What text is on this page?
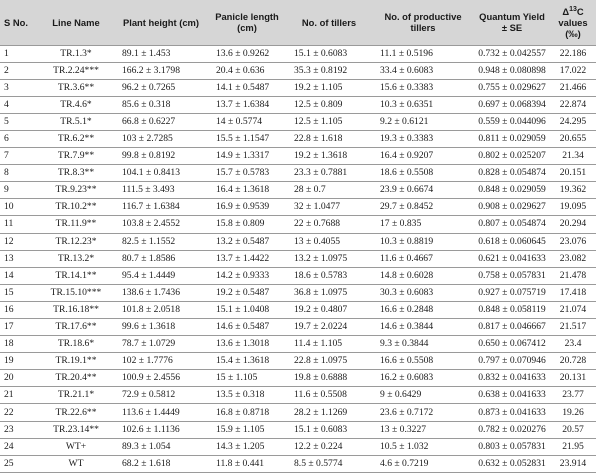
S No.	Line Name	Plant height (cm)	Panicle length (cm)	No. of tillers	No. of productive tillers	Quantum Yield ± SE	$\Delta^{13}C$ values (‰)
1	TR.1.3*	89.1 ± 1.453	13.6 ± 0.9262	15.1 ± 0.6083	11.1 ± 0.5196	0.732 ± 0.042557	22.186
2	TR.2.24***	166.2 ± 3.1798	20.4 ± 0.636	35.3 ± 0.8192	33.4 ± 0.6083	0.948 ± 0.080898	17.022
3	TR.3.6**	96.2 ± 0.7265	14.1 ± 0.5487	19.2 ± 1.105	15.6 ± 0.3383	0.755 ± 0.029627	21.466
4	TR.4.6*	85.6 ± 0.318	13.7 ± 1.6384	12.5 ± 0.809	10.3 ± 0.6351	0.697 ± 0.068394	22.874
5	TR.5.1*	66.8 ± 0.6227	14 ± 0.5774	12.5 ± 1.105	9.2 ± 0.6121	0.559 ± 0.044096	24.295
6	TR.6.2**	103 ± 2.7285	15.5 ± 1.1547	22.8 ± 1.618	19.3 ± 0.3383	0.811 ± 0.029059	20.655
7	TR.7.9**	99.8 ± 0.8192	14.9 ± 1.3317	19.2 ± 1.3618	16.4 ± 0.9207	0.802 ± 0.025207	21.34
8	TR.8.3**	104.1 ± 0.8413	15.7 ± 0.5783	23.3 ± 0.7881	18.6 ± 0.5508	0.828 ± 0.054874	20.151
9	TR.9.23**	111.5 ± 3.493	16.4 ± 1.3618	28 ± 0.7	23.9 ± 0.6674	0.848 ± 0.029059	19.362
10	TR.10.2**	116.7 ± 1.6384	16.9 ± 0.9539	32 ± 1.0477	29.7 ± 0.8452	0.908 ± 0.029627	19.095
11	TR.11.9**	103.8 ± 2.4552	15.8 ± 0.809	22 ± 0.7688	17 ± 0.835	0.807 ± 0.054874	20.294
12	TR.12.23*	82.5 ± 1.1552	13.2 ± 0.5487	13 ± 0.4055	10.3 ± 0.8819	0.618 ± 0.060645	23.076
13	TR.13.2*	80.7 ± 1.8586	13.7 ± 1.4422	13.2 ± 1.0975	11.6 ± 0.4667	0.621 ± 0.041633	23.082
14	TR.14.1**	95.4 ± 1.4449	14.2 ± 0.9333	18.6 ± 0.5783	14.8 ± 0.6028	0.758 ± 0.057831	21.478
15	TR.15.10***	138.6 ± 1.7436	19.2 ± 0.5487	36.8 ± 1.0975	30.3 ± 0.6083	0.927 ± 0.075719	17.418
16	TR.16.18**	101.8 ± 2.0518	15.1 ± 1.0408	19.2 ± 0.4807	16.6 ± 0.2848	0.848 ± 0.058119	21.074
17	TR.17.6**	99.6 ± 1.3618	14.6 ± 0.5487	19.7 ± 2.0224	14.6 ± 0.3844	0.817 ± 0.046667	21.517
18	TR.18.6*	78.7 ± 1.0729	13.6 ± 1.3018	11.4 ± 1.105	9.3 ± 0.3844	0.650 ± 0.067412	23.4
19	TR.19.1**	102 ± 1.7776	15.4 ± 1.3618	22.8 ± 1.0975	16.6 ± 0.5508	0.797 ± 0.070946	20.728
20	TR.20.4**	100.9 ± 2.4556	15 ± 1.105	19.8 ± 0.6888	16.2 ± 0.6083	0.832 ± 0.041633	20.131
21	TR.21.1*	72.9 ± 0.5812	13.5 ± 0.318	11.6 ± 0.5508	9 ± 0.6429	0.638 ± 0.041633	23.77
22	TR.22.6**	113.6 ± 1.4449	16.8 ± 0.8718	28.2 ± 1.1269	23.6 ± 0.7172	0.873 ± 0.041633	19.26
23	TR.23.14**	102.6 ± 1.1136	15.9 ± 1.105	15.1 ± 0.6083	13 ± 0.3227	0.782 ± 0.020276	20.57
24	WT+	89.3 ± 1.054	14.3 ± 1.205	12.2 ± 0.224	10.5 ± 1.032	0.803 ± 0.057831	21.95
25	WT	68.2 ± 1.618	11.8 ± 0.441	8.5 ± 0.5774	4.6 ± 0.7219	0.632 ± 0.052831	23.914
